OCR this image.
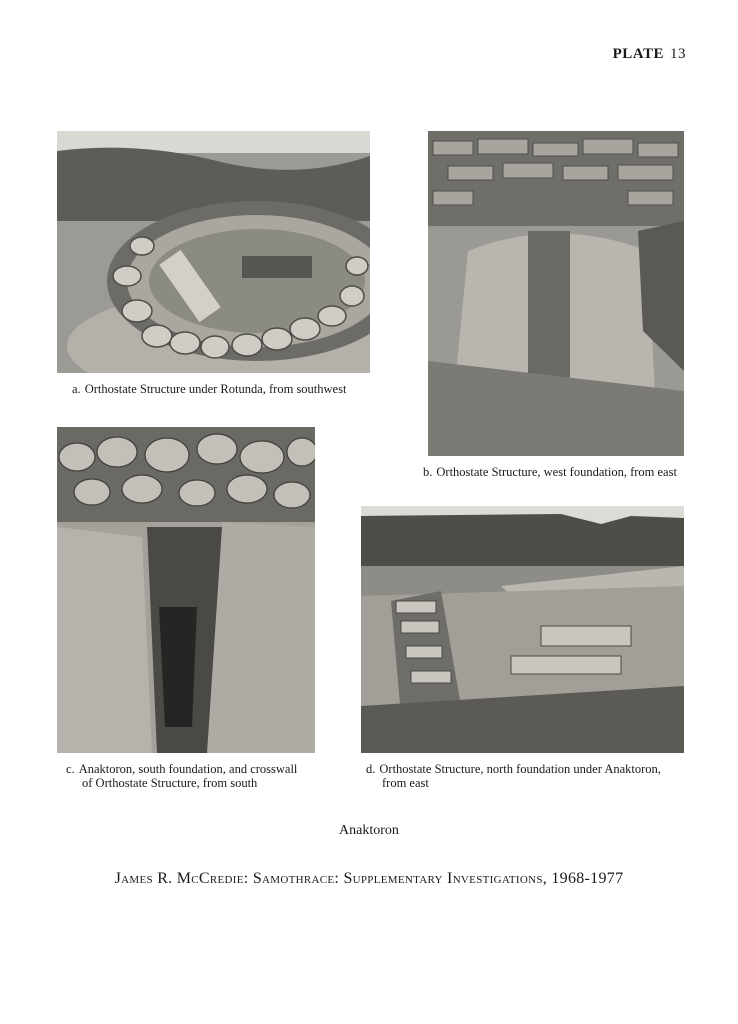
PLATE 13
a. Orthostate Structure under Rotunda, from southwest
b. Orthostate Structure, west foundation, from east
c. Anaktoron, south foundation, and crosswall
of Orthostate Structure, from south
d. Orthostate Structure, north foundation under Anaktoron,
from east
Anaktoron
James R. McCredie: Samothrace: Supplementary Investigations, 1968-1977
